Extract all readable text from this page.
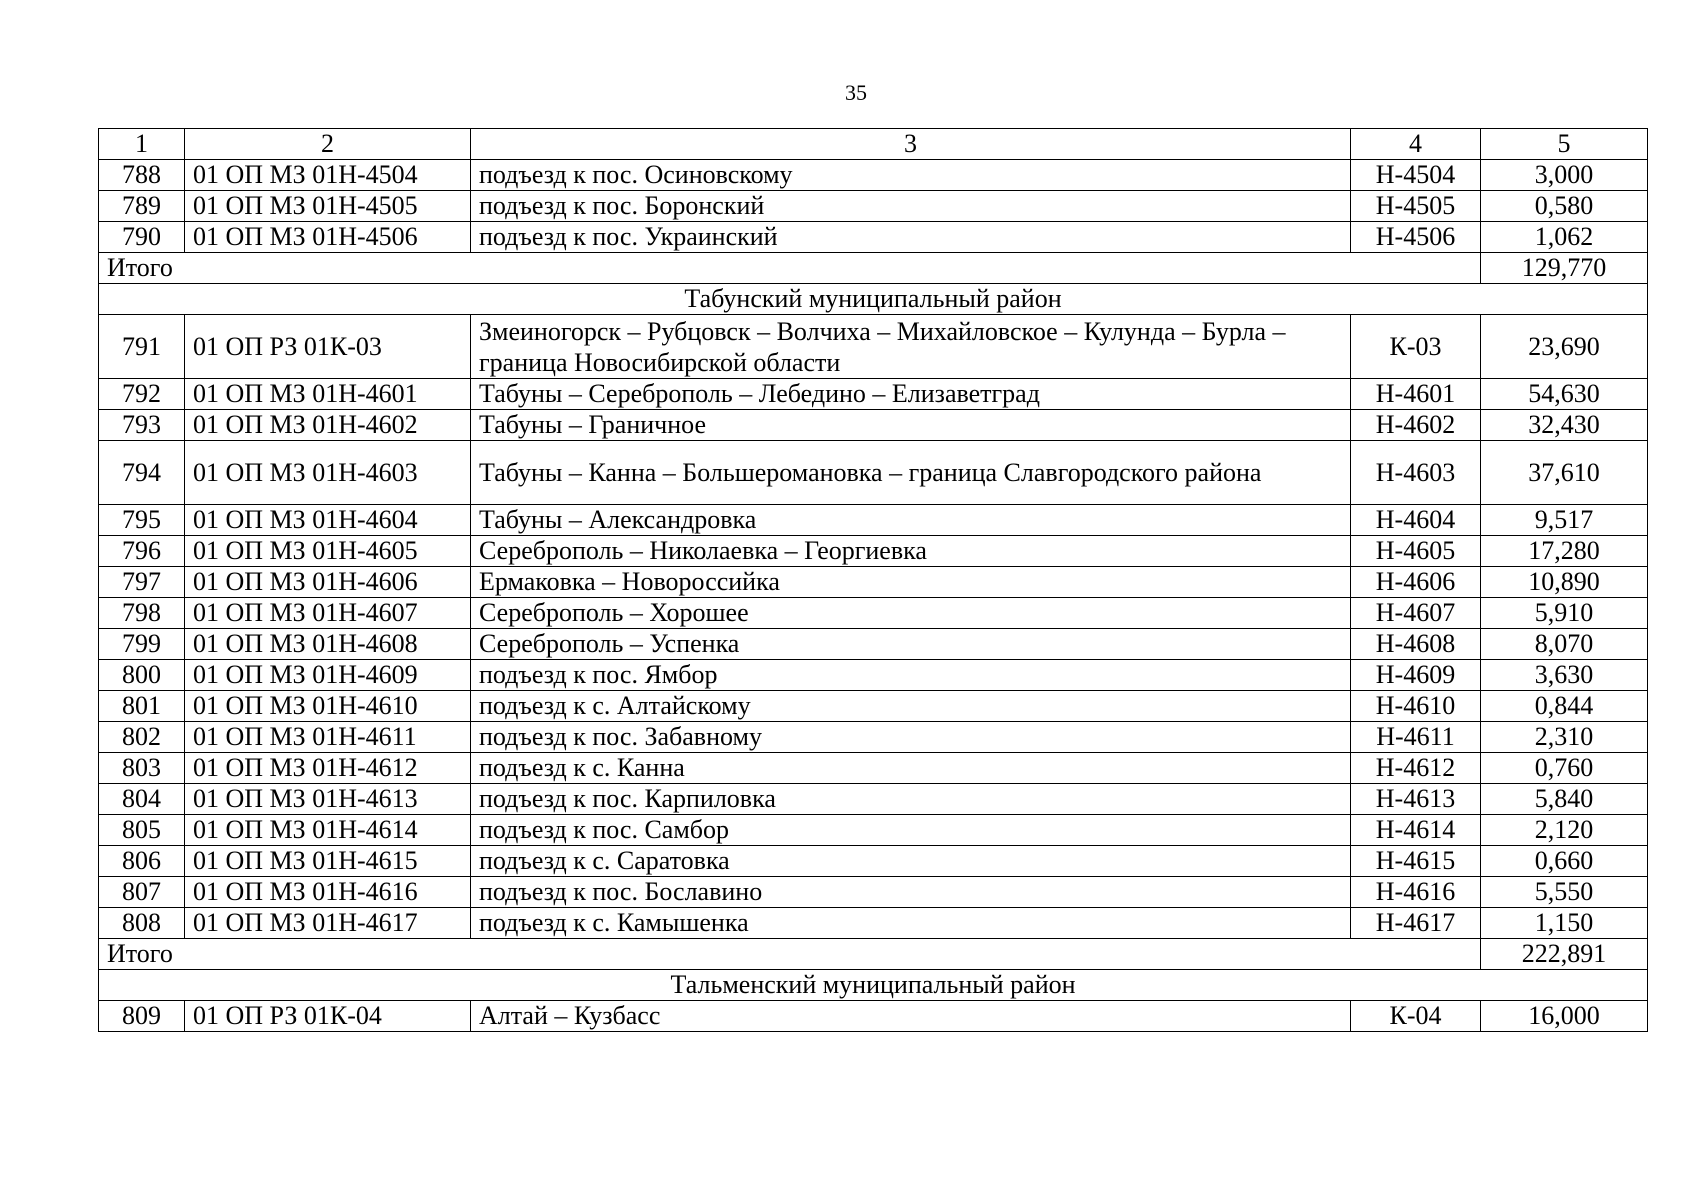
35
1	2	3	4	5
788	01 ОП МЗ 01Н-4504	подъезд к пос. Осиновскому	Н-4504	3,000
789	01 ОП МЗ 01Н-4505	подъезд к пос. Боронский	Н-4505	0,580
790	01 ОП МЗ 01Н-4506	подъезд к пос. Украинский	Н-4506	1,062
Итого				129,770
Табунский муниципальный район				
791	01 ОП РЗ 01К-03	Змеиногорск – Рубцовск – Волчиха – Михайловское – Кулунда – Бурла – граница Новосибирской области	К-03	23,690
792	01 ОП МЗ 01Н-4601	Табуны – Сереброполь – Лебедино – Елизаветград	Н-4601	54,630
793	01 ОП МЗ 01Н-4602	Табуны – Граничное	Н-4602	32,430
794	01 ОП МЗ 01Н-4603	Табуны – Канна – Большеромановка – граница Славгородского района	Н-4603	37,610
795	01 ОП МЗ 01Н-4604	Табуны – Александровка	Н-4604	9,517
796	01 ОП МЗ 01Н-4605	Сереброполь – Николаевка – Георгиевка	Н-4605	17,280
797	01 ОП МЗ 01Н-4606	Ермаковка – Новороссийка	Н-4606	10,890
798	01 ОП МЗ 01Н-4607	Сереброполь – Хорошее	Н-4607	5,910
799	01 ОП МЗ 01Н-4608	Сереброполь – Успенка	Н-4608	8,070
800	01 ОП МЗ 01Н-4609	подъезд к пос. Ямбор	Н-4609	3,630
801	01 ОП МЗ 01Н-4610	подъезд к с. Алтайскому	Н-4610	0,844
802	01 ОП МЗ 01Н-4611	подъезд к пос. Забавному	Н-4611	2,310
803	01 ОП МЗ 01Н-4612	подъезд к с. Канна	Н-4612	0,760
804	01 ОП МЗ 01Н-4613	подъезд к пос. Карпиловка	Н-4613	5,840
805	01 ОП МЗ 01Н-4614	подъезд к пос. Самбор	Н-4614	2,120
806	01 ОП МЗ 01Н-4615	подъезд к с. Саратовка	Н-4615	0,660
807	01 ОП МЗ 01Н-4616	подъезд к пос. Бославино	Н-4616	5,550
808	01 ОП МЗ 01Н-4617	подъезд к с. Камышенка	Н-4617	1,150
Итого				222,891
Тальменский муниципальный район				
809	01 ОП РЗ 01К-04	Алтай – Кузбасс	К-04	16,000
